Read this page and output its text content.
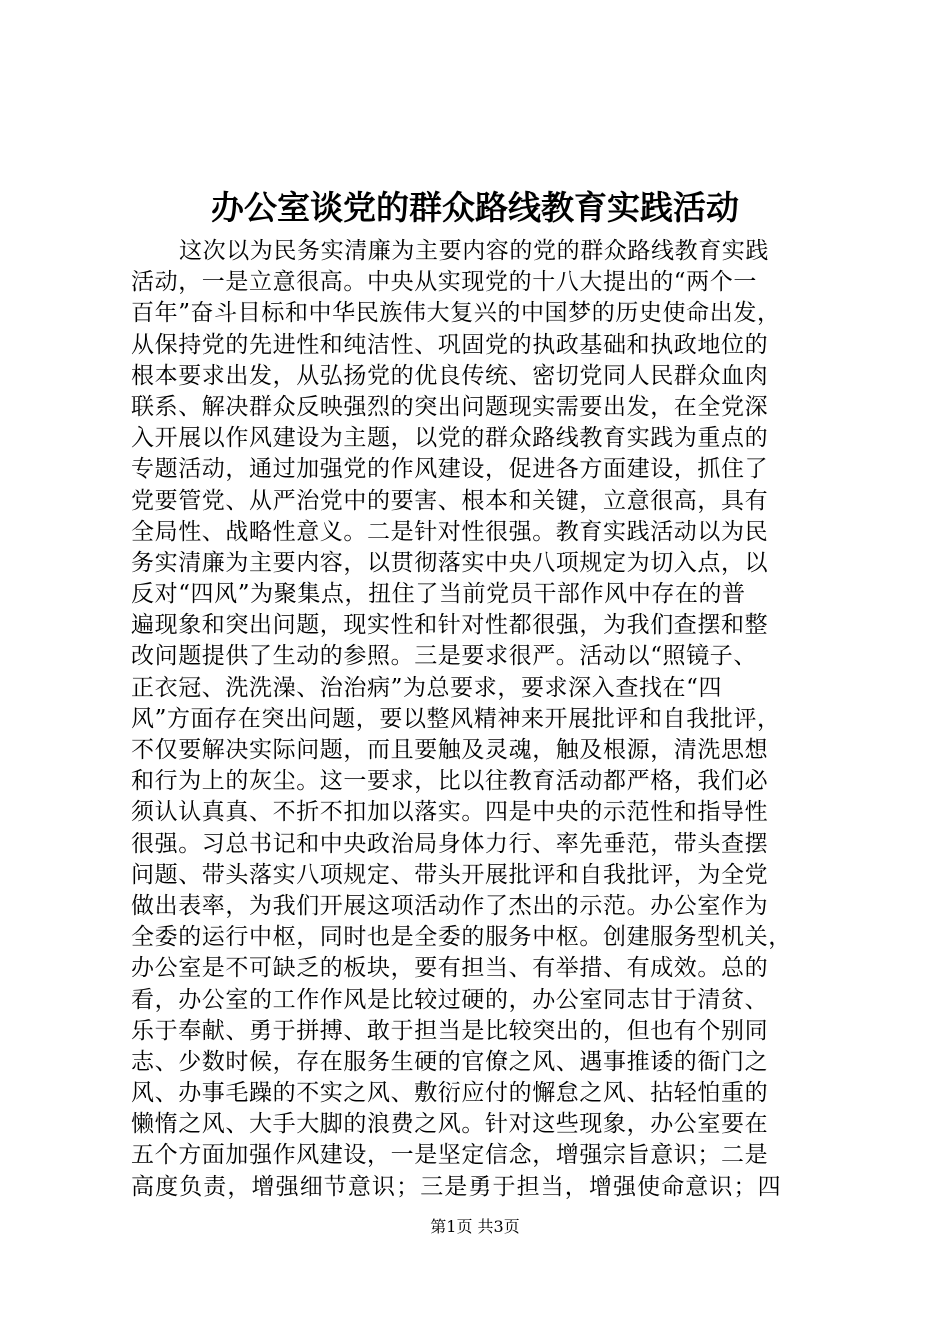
办公室谈党的群众路线教育实践活动
这次以为民务实清廉为主要内容的党的群众路线教育实践
活动，一是立意很高。中央从实现党的十八大提出的“两个一
百年”奋斗目标和中华民族伟大复兴的中国梦的历史使命出发，
从保持党的先进性和纯洁性、巩固党的执政基础和执政地位的
根本要求出发，从弘扬党的优良传统、密切党同人民群众血肉
联系、解决群众反映强烈的突出问题现实需要出发，在全党深
入开展以作风建设为主题，以党的群众路线教育实践为重点的
专题活动，通过加强党的作风建设，促进各方面建设，抓住了
党要管党、从严治党中的要害、根本和关键，立意很高，具有
全局性、战略性意义。二是针对性很强。教育实践活动以为民
务实清廉为主要内容，以贯彻落实中央八项规定为切入点，以
反对“四风”为聚集点，扭住了当前党员干部作风中存在的普
遍现象和突出问题，现实性和针对性都很强，为我们查摆和整
改问题提供了生动的参照。三是要求很严。活动以“照镜子、
正衣冠、洗洗澡、治治病”为总要求，要求深入查找在“四
风”方面存在突出问题，要以整风精神来开展批评和自我批评，
不仅要解决实际问题，而且要触及灵魂，触及根源，清洗思想
和行为上的灰尘。这一要求，比以往教育活动都严格，我们必
须认认真真、不折不扣加以落实。四是中央的示范性和指导性
很强。习总书记和中央政治局身体力行、率先垂范，带头查摆
问题、带头落实八项规定、带头开展批评和自我批评，为全党
做出表率，为我们开展这项活动作了杰出的示范。办公室作为
全委的运行中枢，同时也是全委的服务中枢。创建服务型机关，
办公室是不可缺乏的板块，要有担当、有举措、有成效。总的
看，办公室的工作作风是比较过硬的，办公室同志甘于清贫、
乐于奉献、勇于拼搏、敢于担当是比较突出的，但也有个别同
志、少数时候，存在服务生硬的官僚之风、遇事推诿的衙门之
风、办事毛躁的不实之风、敷衍应付的懈怠之风、拈轻怕重的
懒惰之风、大手大脚的浪费之风。针对这些现象，办公室要在
五个方面加强作风建设，一是坚定信念，增强宗旨意识；二是
高度负责，增强细节意识；三是勇于担当，增强使命意识；四
第1页 共3页
